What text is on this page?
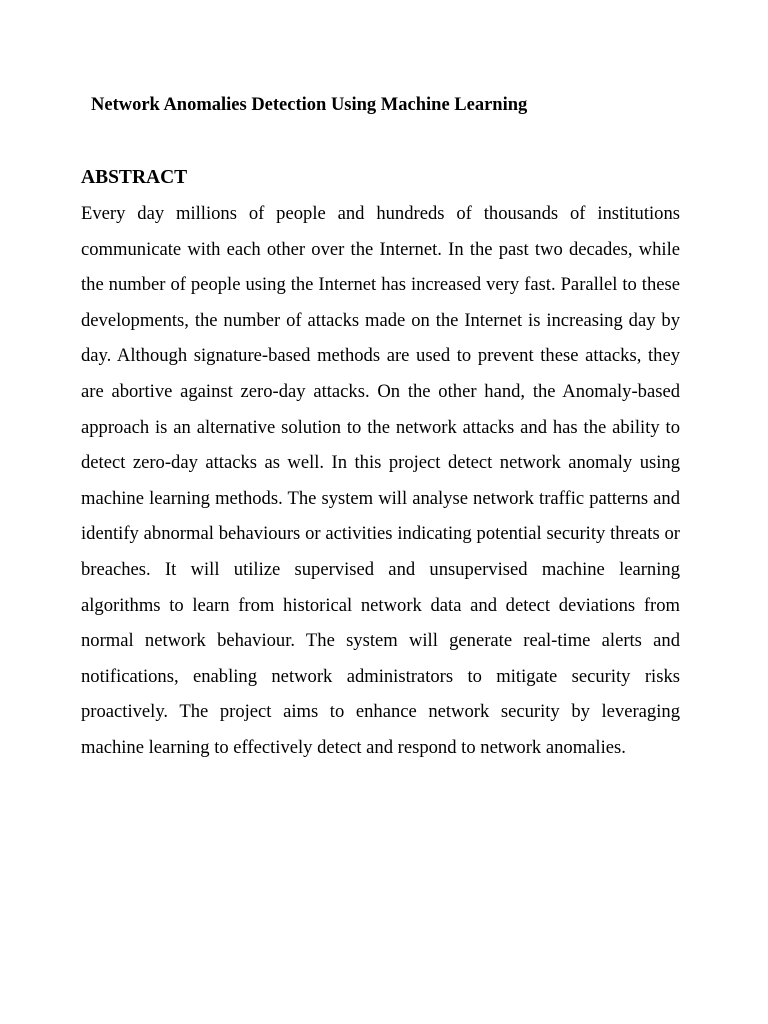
Network Anomalies Detection Using Machine Learning
ABSTRACT

Every day millions of people and hundreds of thousands of institutions communicate with each other over the Internet. In the past two decades, while the number of people using the Internet has increased very fast. Parallel to these developments, the number of attacks made on the Internet is increasing day by day. Although signature-based methods are used to prevent these attacks, they are abortive against zero-day attacks. On the other hand, the Anomaly-based approach is an alternative solution to the network attacks and has the ability to detect zero-day attacks as well. In this project detect network anomaly using machine learning methods. The system will analyse network traffic patterns and identify abnormal behaviours or activities indicating potential security threats or breaches. It will utilize supervised and unsupervised machine learning algorithms to learn from historical network data and detect deviations from normal network behaviour. The system will generate real-time alerts and notifications, enabling network administrators to mitigate security risks proactively. The project aims to enhance network security by leveraging machine learning to effectively detect and respond to network anomalies.
